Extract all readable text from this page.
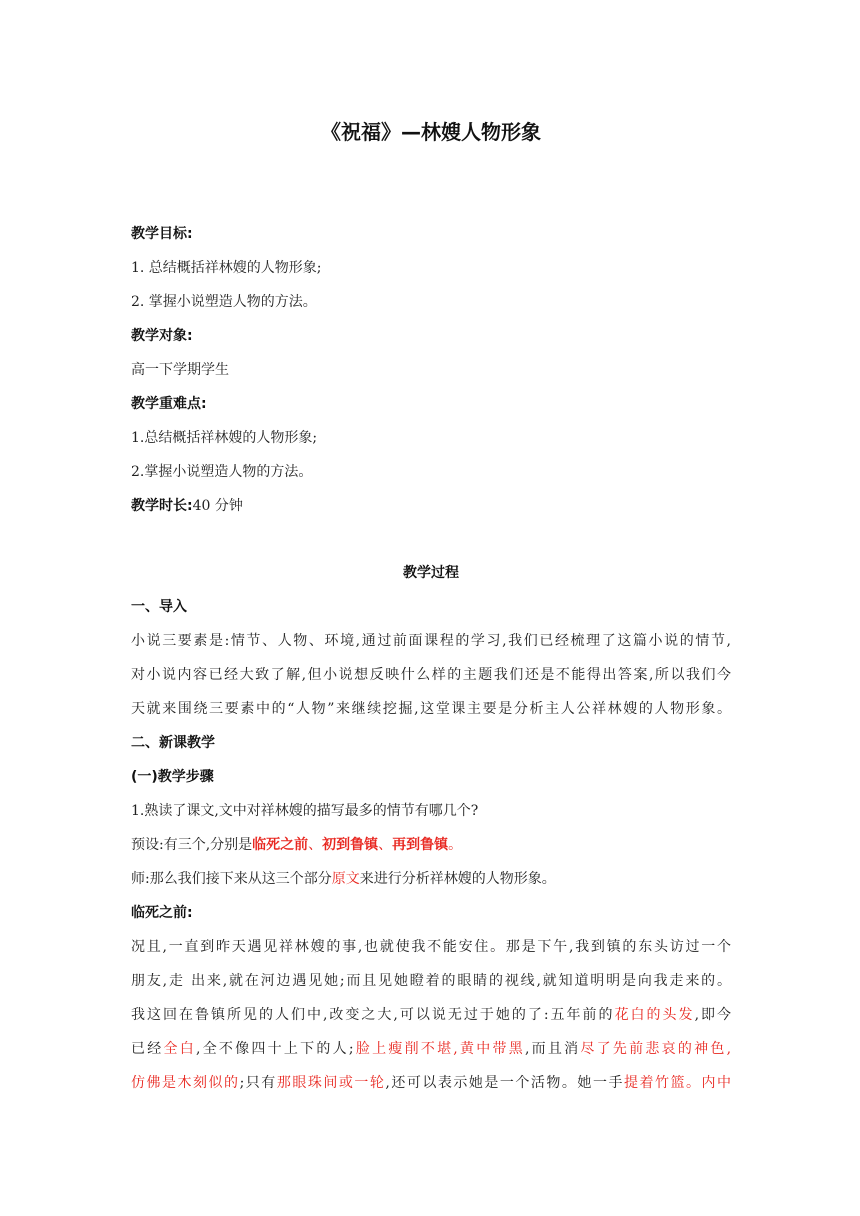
《祝福》—林嫂人物形象
教学目标:
1. 总结概括祥林嫂的人物形象;
2. 掌握小说塑造人物的方法。
教学对象:
高一下学期学生
教学重难点:
1.总结概括祥林嫂的人物形象;
2.掌握小说塑造人物的方法。
教学时长:40 分钟
教学过程
一、导入
小说三要素是:情节、人物、环境,通过前面课程的学习,我们已经梳理了这篇小说的情节,
对小说内容已经大致了解,但小说想反映什么样的主题我们还是不能得出答案,所以我们今
天就来围绕三要素中的“人物”来继续挖掘,这堂课主要是分析主人公祥林嫂的人物形象。
二、新课教学
(一)教学步骤
1.熟读了课文,文中对祥林嫂的描写最多的情节有哪几个?
预设:有三个,分别是临死之前、初到鲁镇、再到鲁镇。
师:那么我们接下来从这三个部分原文来进行分析祥林嫂的人物形象。
临死之前:
况且,一直到昨天遇见祥林嫂的事,也就使我不能安住。那是下午,我到镇的东头访过一个
朋友,走 出来,就在河边遇见她;而且见她瞪着的眼睛的视线,就知道明明是向我走来的。
我这回在鲁镇所见的人们中,改变之大,可以说无过于她的了:五年前的花白的头发,即今
已经全白,全不像四十上下的人;脸上瘦削不堪,黄中带黑,而且消尽了先前悲哀的神色,
仿佛是木刻似的;只有那眼珠间或一轮,还可以表示她是一个活物。她一手提着竹篮。内中
